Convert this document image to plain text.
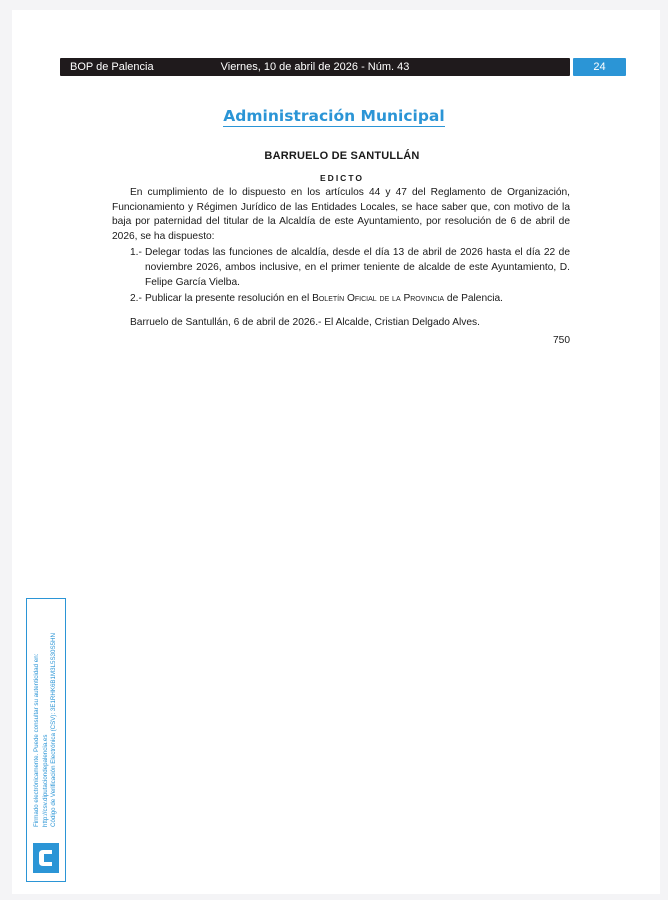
BOP de Palencia	Viernes, 10 de abril de 2026 - Núm. 43	24
Administración Municipal
BARRUELO DE SANTULLÁN
EDICTO

En cumplimiento de lo dispuesto en los artículos 44 y 47 del Reglamento de Organización, Funcionamiento y Régimen Jurídico de las Entidades Locales, se hace saber que, con motivo de la baja por paternidad del titular de la Alcaldía de este Ayuntamiento, por resolución de 6 de abril de 2026, se ha dispuesto:

1.- Delegar todas las funciones de alcaldía, desde el día 13 de abril de 2026 hasta el día 22 de noviembre 2026, ambos inclusive, en el primer teniente de alcalde de este Ayuntamiento, D. Felipe García Vielba.

2.- Publicar la presente resolución en el Boletín Oficial de la Provincia de Palencia.

Barruelo de Santullán, 6 de abril de 2026.- El Alcalde, Cristian Delgado Alves.

750

Firmado electrónicamente. Puede consultar su autenticidad en: http://csv.diputaciondepalencia.es Código de Verificación Electrónica (CSV): 3E1RHK6B1M3L5S30S5HN
